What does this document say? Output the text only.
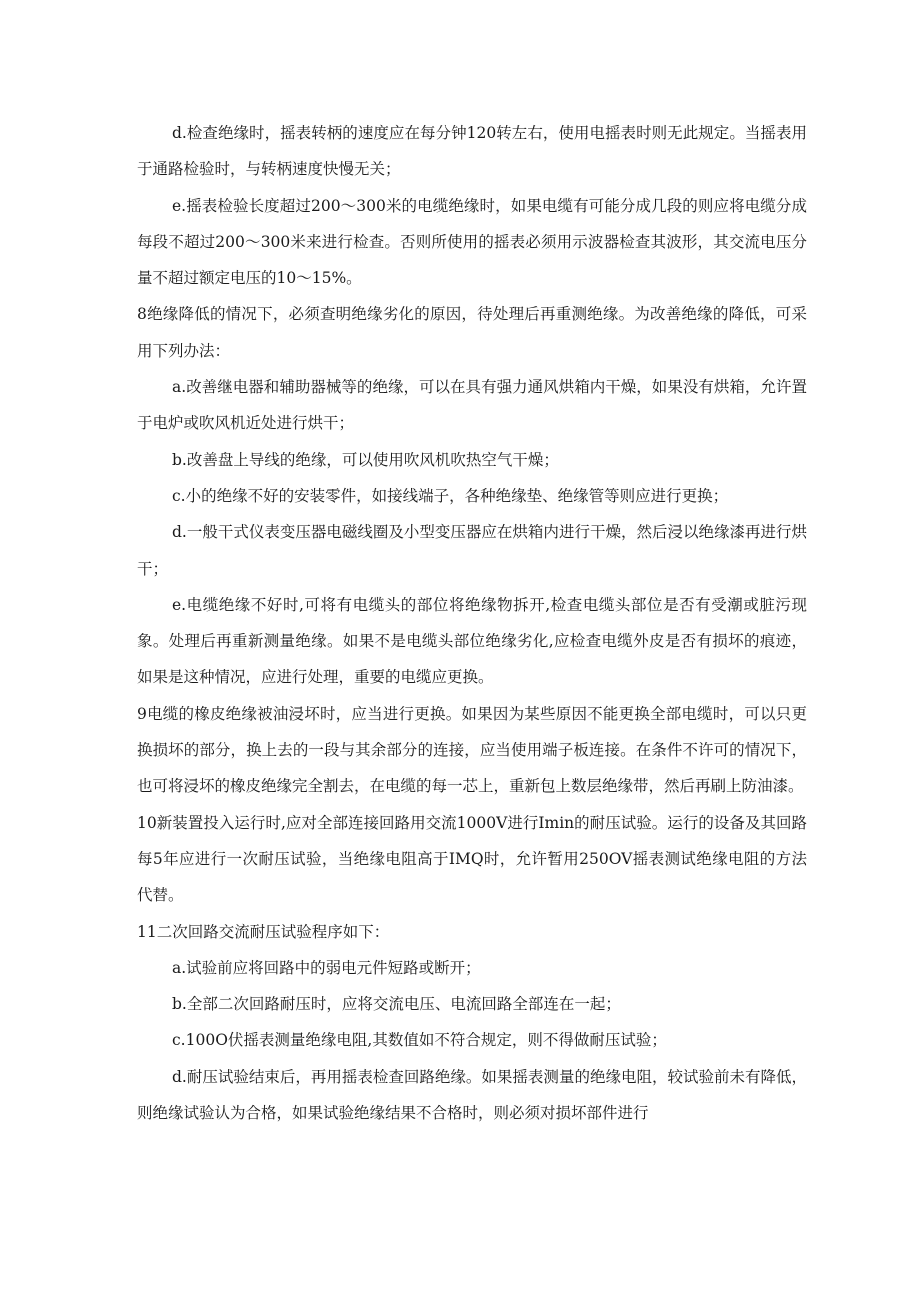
d.检查绝缘时，摇表转柄的速度应在每分钟120转左右，使用电摇表时则无此规定。当摇表用于通路检验时，与转柄速度快慢无关；

e.摇表检验长度超过200～300米的电缆绝缘时，如果电缆有可能分成几段的则应将电缆分成每段不超过200～300米来进行检查。否则所使用的摇表必须用示波器检查其波形，其交流电压分量不超过额定电压的10～15%。

8绝缘降低的情况下，必须查明绝缘劣化的原因，待处理后再重测绝缘。为改善绝缘的降低，可采用下列办法：

a.改善继电器和辅助器械等的绝缘，可以在具有强力通风烘箱内干燥，如果没有烘箱，允许置于电炉或吹风机近处进行烘干；

b.改善盘上导线的绝缘，可以使用吹风机吹热空气干燥；

c.小的绝缘不好的安装零件，如接线端子，各种绝缘垫、绝缘管等则应进行更换；

d.一般干式仪表变压器电磁线圈及小型变压器应在烘箱内进行干燥，然后浸以绝缘漆再进行烘干；

e.电缆绝缘不好时,可将有电缆头的部位将绝缘物拆开,检查电缆头部位是否有受潮或脏污现象。处理后再重新测量绝缘。如果不是电缆头部位绝缘劣化,应检查电缆外皮是否有损坏的痕迹，如果是这种情况，应进行处理，重要的电缆应更换。

9电缆的橡皮绝缘被油浸坏时，应当进行更换。如果因为某些原因不能更换全部电缆时，可以只更换损坏的部分，换上去的一段与其余部分的连接，应当使用端子板连接。在条件不许可的情况下，也可将浸坏的橡皮绝缘完全割去，在电缆的每一芯上，重新包上数层绝缘带，然后再刷上防油漆。

10新装置投入运行时,应对全部连接回路用交流1000V进行Imin的耐压试验。运行的设备及其回路每5年应进行一次耐压试验，当绝缘电阻高于IMQ时，允许暂用250OV摇表测试绝缘电阻的方法代替。

11二次回路交流耐压试验程序如下：

a.试验前应将回路中的弱电元件短路或断开；

b.全部二次回路耐压时，应将交流电压、电流回路全部连在一起；

c.100O伏摇表测量绝缘电阻,其数值如不符合规定，则不得做耐压试验；

d.耐压试验结束后，再用摇表检查回路绝缘。如果摇表测量的绝缘电阻，较试验前未有降低，则绝缘试验认为合格，如果试验绝缘结果不合格时，则必须对损坏部件进行
